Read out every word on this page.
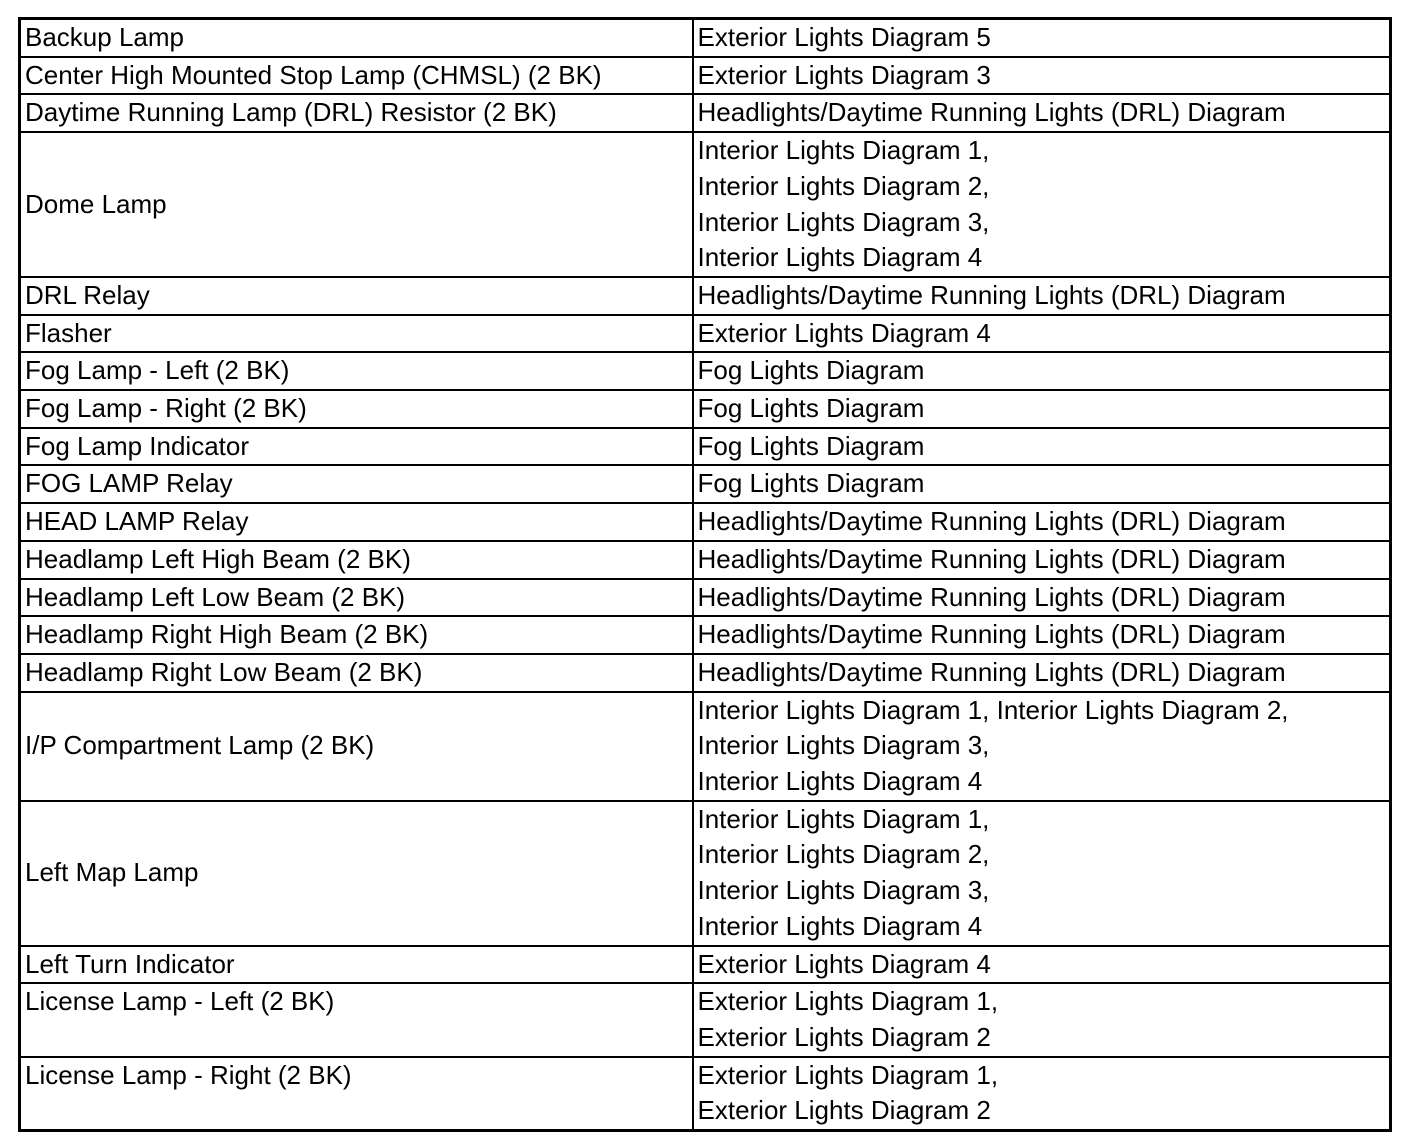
Backup Lamp	Exterior Lights Diagram 5

Center High Mounted Stop Lamp (CHMSL) (2 BK)	Exterior Lights Diagram 3

Daytime Running Lamp (DRL) Resistor (2 BK)	Headlights/Daytime Running Lights (DRL) Diagram

Dome Lamp	Interior Lights Diagram 1,
Interior Lights Diagram 2,
Interior Lights Diagram 3,
Interior Lights Diagram 4

DRL Relay	Headlights/Daytime Running Lights (DRL) Diagram

Flasher	Exterior Lights Diagram 4

Fog Lamp - Left (2 BK)	Fog Lights Diagram

Fog Lamp - Right (2 BK)	Fog Lights Diagram

Fog Lamp Indicator	Fog Lights Diagram

FOG LAMP Relay	Fog Lights Diagram

HEAD LAMP Relay	Headlights/Daytime Running Lights (DRL) Diagram

Headlamp Left High Beam (2 BK)	Headlights/Daytime Running Lights (DRL) Diagram

Headlamp Left Low Beam (2 BK)	Headlights/Daytime Running Lights (DRL) Diagram

Headlamp Right High Beam (2 BK)	Headlights/Daytime Running Lights (DRL) Diagram

Headlamp Right Low Beam (2 BK)	Headlights/Daytime Running Lights (DRL) Diagram

I/P Compartment Lamp (2 BK)	Interior Lights Diagram 1, Interior Lights Diagram 2,
Interior Lights Diagram 3,
Interior Lights Diagram 4

Left Map Lamp	Interior Lights Diagram 1,
Interior Lights Diagram 2,
Interior Lights Diagram 3,
Interior Lights Diagram 4

Left Turn Indicator	Exterior Lights Diagram 4

License Lamp - Left (2 BK)	Exterior Lights Diagram 1,
Exterior Lights Diagram 2

License Lamp - Right (2 BK)	Exterior Lights Diagram 1,
Exterior Lights Diagram 2
